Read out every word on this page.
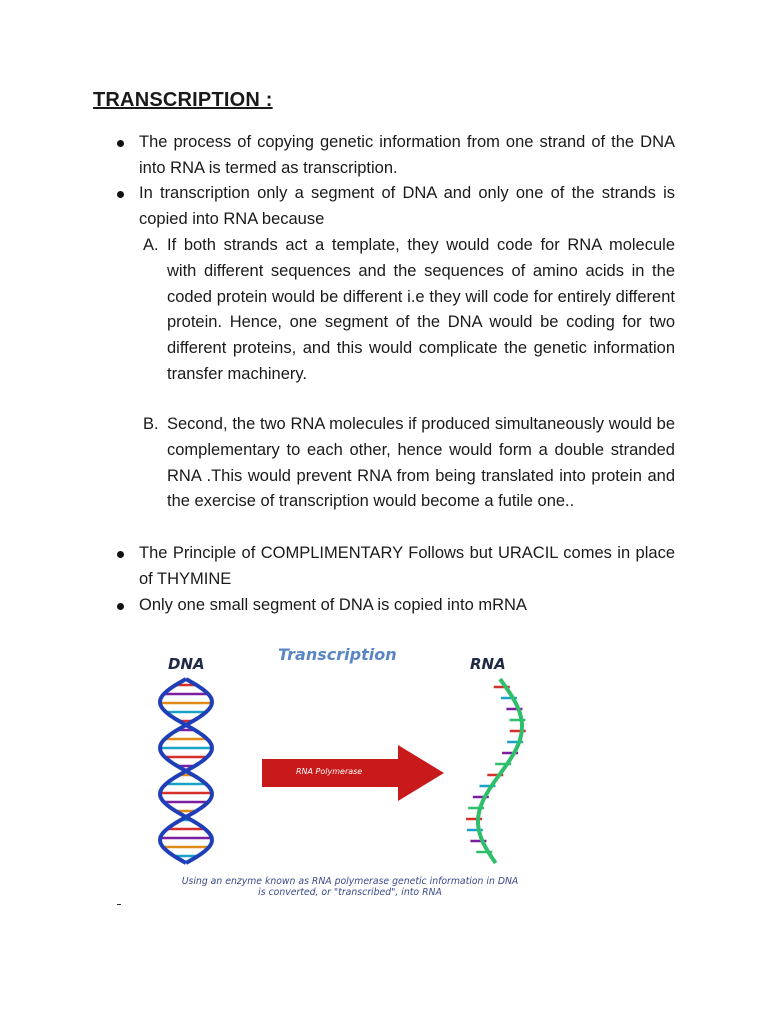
TRANSCRIPTION :
The process of copying genetic information from one strand of the DNA into RNA is termed as transcription.
In transcription only a segment of DNA and only one of the strands is copied into RNA because
A. If both strands act a template, they would code for RNA molecule with different sequences and the sequences of amino acids in the coded protein would be different i.e they will code for entirely different protein. Hence, one segment of the DNA would be coding for two different proteins, and this would complicate the genetic information transfer machinery.
B. Second, the two RNA molecules if produced simultaneously would be complementary to each other, hence would form a double stranded RNA .This would prevent RNA from being translated into protein and the exercise of transcription would become a futile one..
The Principle of COMPLIMENTARY Follows but URACIL comes in place of THYMINE
Only one small segment of DNA is copied into mRNA
Transcription
DNA	RNA
RNA Polymerase
Using an enzyme known as RNA polymerase genetic information in DNA
is converted, or "transcribed", into RNA
